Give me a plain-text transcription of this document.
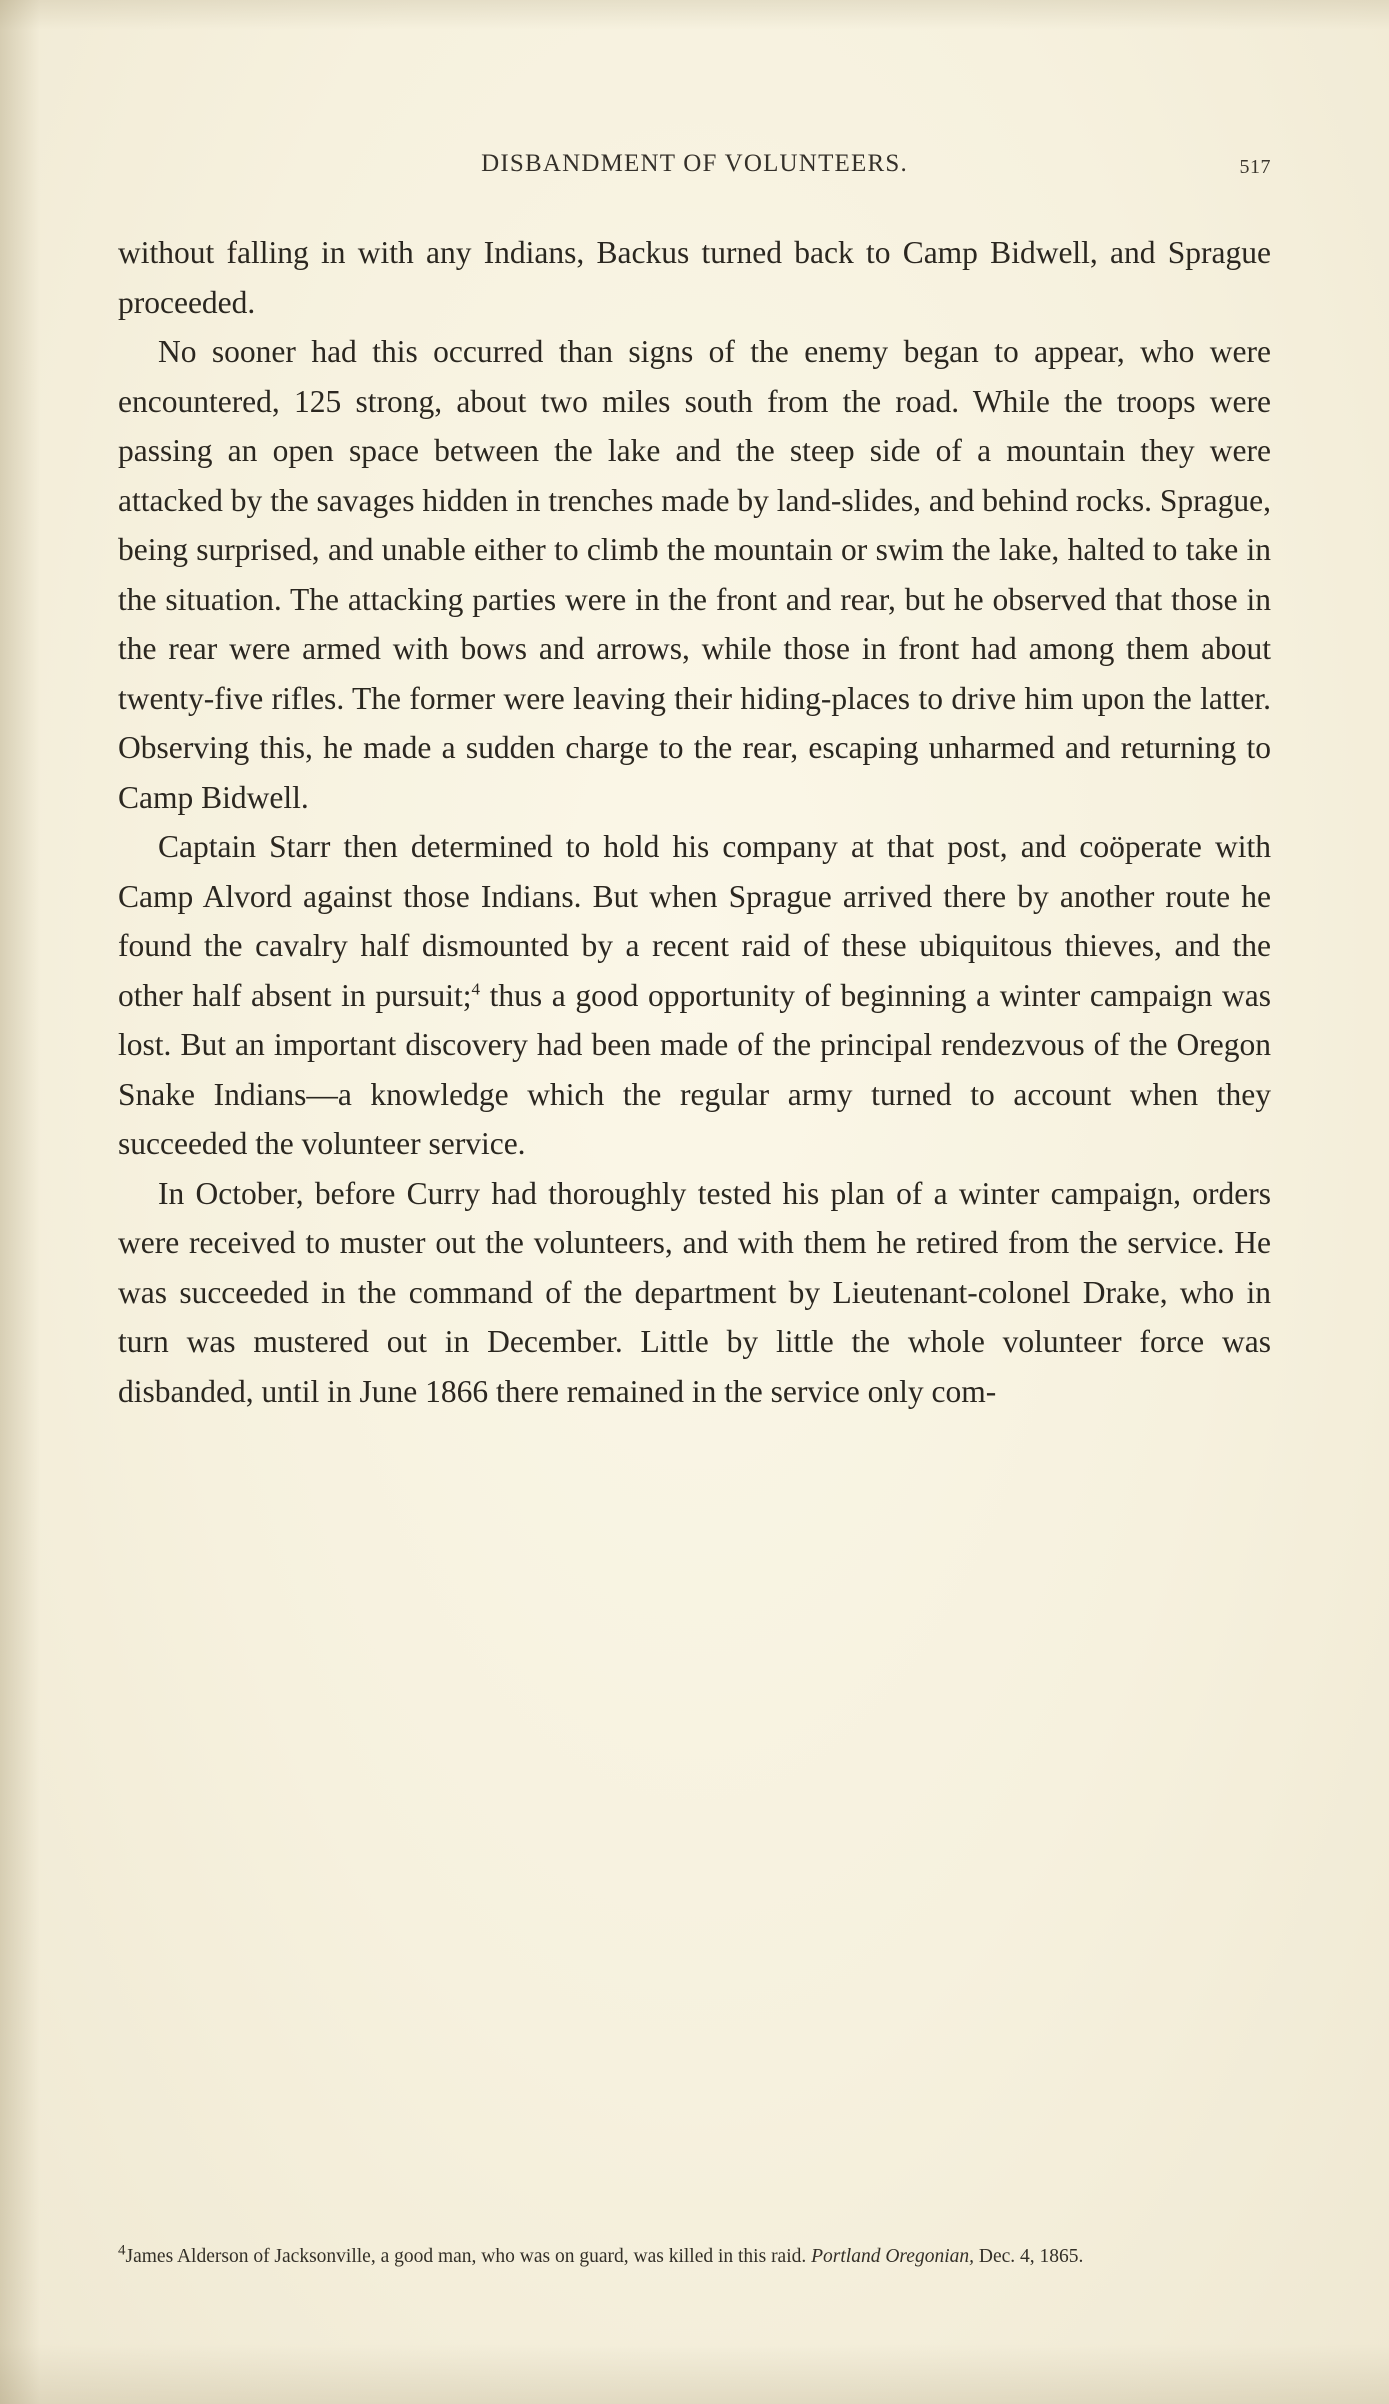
DISBANDMENT OF VOLUNTEERS.	517

without falling in with any Indians, Backus turned back to Camp Bidwell, and Sprague proceeded.

No sooner had this occurred than signs of the enemy began to appear, who were encountered, 125 strong, about two miles south from the road. While the troops were passing an open space between the lake and the steep side of a mountain they were attacked by the savages hidden in trenches made by land-slides, and behind rocks. Sprague, being surprised, and unable either to climb the mountain or swim the lake, halted to take in the situation. The attacking parties were in the front and rear, but he observed that those in the rear were armed with bows and arrows, while those in front had among them about twenty-five rifles. The former were leaving their hiding-places to drive him upon the latter. Observing this, he made a sudden charge to the rear, escaping unharmed and returning to Camp Bidwell.

Captain Starr then determined to hold his company at that post, and coöperate with Camp Alvord against those Indians. But when Sprague arrived there by another route he found the cavalry half dismounted by a recent raid of these ubiquitous thieves, and the other half absent in pursuit;$^4$ thus a good opportunity of beginning a winter campaign was lost. But an important discovery had been made of the principal rendezvous of the Oregon Snake Indians—a knowledge which the regular army turned to account when they succeeded the volunteer service.

In October, before Curry had thoroughly tested his plan of a winter campaign, orders were received to muster out the volunteers, and with them he retired from the service. He was succeeded in the command of the department by Lieutenant-colonel Drake, who in turn was mustered out in December. Little by little the whole volunteer force was disbanded, until in June 1866 there remained in the service only com-

$^4$James Alderson of Jacksonville, a good man, who was on guard, was killed in this raid. Portland Oregonian, Dec. 4, 1865.
